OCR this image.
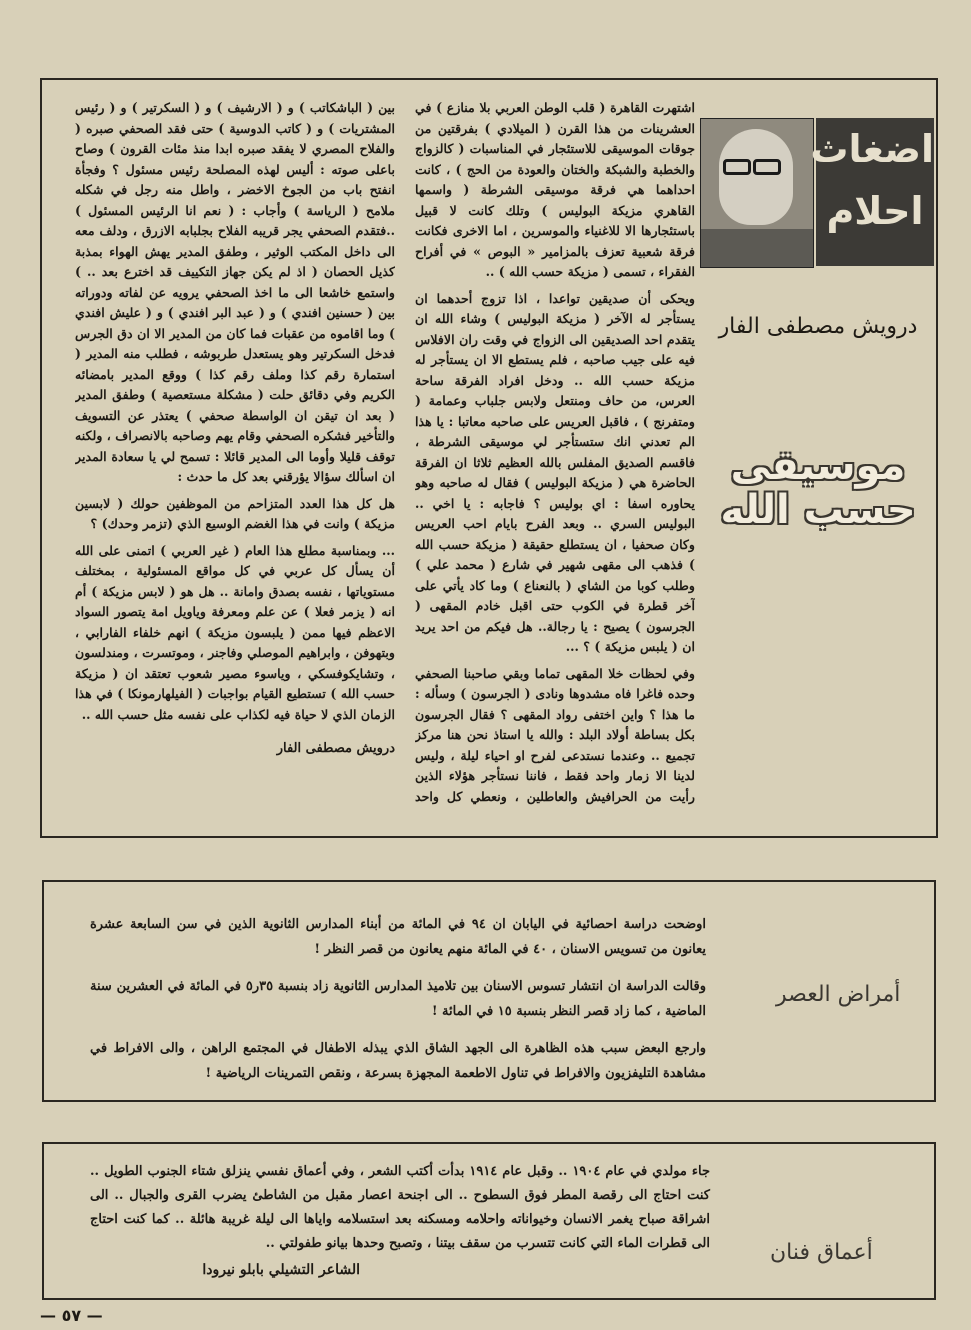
اضغاث
احلام
درويش مصطفى الفار
موسيقى
حسب الله

اشتهرت القاهرة ( قلب الوطن العربي بلا منازع ) في العشرينات من هذا القرن ( الميلادي ) بفرقتين من جوقات الموسيقى للاستئجار في المناسبات ( كالزواج والخطبة والشبكة والختان والعودة من الحج ) ، كانت احداهما هي فرقة موسيقى الشرطة ( واسمها القاهري مزيكة البوليس ) وتلك كانت لا قبيل باستئجارها الا للاغنياء والموسرين ، اما الاخرى فكانت فرقة شعبية تعزف بالمزامير « البوص » في أفراح الفقراء ، تسمى ( مزيكة حسب الله ) ..

ويحكى أن صديقين تواعدا ، اذا تزوج أحدهما ان يستأجر له الآخر ( مزيكة البوليس ) وشاء الله ان يتقدم احد الصديقين الى الزواج في وقت ران الافلاس فيه على جيب صاحبه ، فلم يستطع الا ان يستأجر له مزيكة حسب الله .. ودخل افراد الفرقة ساحة العرس، من حاف ومنتعل ولابس جلباب وعمامة ( ومتفرنج ) ، فاقبل العريس على صاحبه معاتبا : يا هذا الم تعدني انك ستستأجر لي موسيقى الشرطة ، فاقسم الصديق المفلس بالله العظيم ثلاثا ان الفرقة الحاضرة هي ( مزيكة البوليس ) فقال له صاحبه وهو يحاوره اسفا : اي بوليس ؟ فاجابه : يا اخي .. البوليس السري .. وبعد الفرح بايام احب العريس وكان صحفيا ، ان يستطلع حقيقة ( مزيكة حسب الله ) فذهب الى مقهى شهير في شارع ( محمد علي ) وطلب كوبا من الشاي ( بالنعناع ) وما كاد يأتي على آخر قطرة في الكوب حتى اقبل خادم المقهى ( الجرسون ) يصيح : يا رجالة.. هل فيكم من احد يريد ان ( يلبس مزيكة ) ؟ ...

وفي لحظات خلا المقهى تماما وبقي صاحبنا الصحفي وحده فاغرا فاه مشدوها ونادى ( الجرسون ) وسأله : ما هذا ؟ واين اختفى رواد المقهى ؟ فقال الجرسون بكل بساطة أولاد البلد : والله يا استاذ نحن هنا مركز تجميع .. وعندما نستدعى لفرح او احياء ليلة ، وليس لدينا الا زمار واحد فقط ، فاننا نستأجر هؤلاء الذين رأيت من الحرافيش والعاطلين ، ونعطي كل واحد

بين ( الباشكاتب ) و ( الارشيف ) و ( السكرتير ) و ( رئيس المشتريات ) و ( كاتب الدوسية ) حتى فقد الصحفي صبره ( والفلاح المصري لا يفقد صبره ابدا منذ مئات القرون ) وصاح باعلى صوته : أليس لهذه المصلحة رئيس مسئول ؟ وفجأة انفتح باب من الجوخ الاخضر ، واطل منه رجل في شكله ملامح ( الرياسة ) وأجاب : ( نعم انا الرئيس المسئول ) ..فتقدم الصحفي يجر قريبه الفلاح بجلبابه الازرق ، ودلف معه الى داخل المكتب الوثير ، وطفق المدير يهش الهواء بمذبة كذيل الحصان ( اذ لم يكن جهاز التكييف قد اخترع بعد .. ) واستمع خاشعا الى ما اخذ الصحفي يرويه عن لفاته ودوراته بين ( حسنين افندي ) و ( عبد البر افندي ) و ( عليش افندي ) وما اقاموه من عقبات فما كان من المدير الا ان دق الجرس فدخل السكرتير وهو يستعدل طربوشه ، فطلب منه المدير ( استمارة رقم كذا وملف رقم كذا ) ووقع المدير بامضائه الكريم وفي دقائق حلت ( مشكلة مستعصية ) وطفق المدير ( بعد ان تيقن ان الواسطة صحفي ) يعتذر عن التسويف والتأخير فشكره الصحفي وقام يهم وصاحبه بالانصراف ، ولكنه توقف قليلا وأوما الى المدير قائلا : تسمح لي يا سعادة المدير ان اسألك سؤالا يؤرقني بعد كل ما حدث :

هل كل هذا العدد المتزاحم من الموظفين حولك ( لابسين مزيكة ) وانت في هذا الغضم الوسيع الذي (تزمر وحدك) ؟

... وبمناسبة مطلع هذا العام ( غير العربي ) اتمنى على الله أن يسأل كل عربي في كل مواقع المسئولية ، بمختلف مستوياتها ، نفسه بصدق وامانة .. هل هو ( لابس مزيكة ) أم انه ( يزمر فعلا ) عن علم ومعرفة وياويل امة يتصور السواد الاعظم فيها ممن ( يلبسون مزيكة ) انهم خلفاء الفارابي ، وبتهوفن ، وابراهيم الموصلي وفاجنر ، وموتسرت ، ومندلسون ، وتشايكوفسكي ، وياسوء مصير شعوب تعتقد ان ( مزيكة حسب الله ) تستطيع القيام بواجبات ( الفيلهارمونكا ) في هذا الزمان الذي لا حياة فيه لكذاب على نفسه مثل حسب الله ..

درويش مصطفى الفار
أمراض العصر

اوضحت دراسة احصائية في اليابان ان ٩٤ في المائة من أبناء المدارس الثانوية الذين في سن السابعة عشرة يعانون من تسويس الاسنان ، ٤٠ في المائة منهم يعانون من قصر النظر !

وقالت الدراسة ان انتشار تسوس الاسنان بين تلاميذ المدارس الثانوية زاد بنسبة ٣٥ر٥ في المائة في العشرين سنة الماضية ، كما زاد قصر النظر بنسبة ١٥ في المائة !

وارجع البعض سبب هذه الظاهرة الى الجهد الشاق الذي يبذله الاطفال في المجتمع الراهن ، والى الافراط في مشاهدة التليفزيون والافراط في تناول الاطعمة المجهزة بسرعة ، ونقص التمرينات الرياضية !

أعماق فنان

جاء مولدي في عام ١٩٠٤ .. وقبل عام ١٩١٤ بدأت أكتب الشعر ، وفي أعماق نفسي ينزلق شتاء الجنوب الطويل .. كنت احتاج الى رقصة المطر فوق السطوح .. الى اجنحة اعصار مقبل من الشاطئ يضرب القرى والجبال .. الى اشراقة صباح يغمر الانسان وخيواناته واحلامه ومسكنه بعد استسلامه واياها الى ليلة غريبة هائلة .. كما كنت احتاج الى قطرات الماء التي كانت تتسرب من سقف بيتنا ، وتصبح وحدها بيانو طفولتي ..

الشاعر التشيلي بابلو نيرودا
— ٥٧ —
